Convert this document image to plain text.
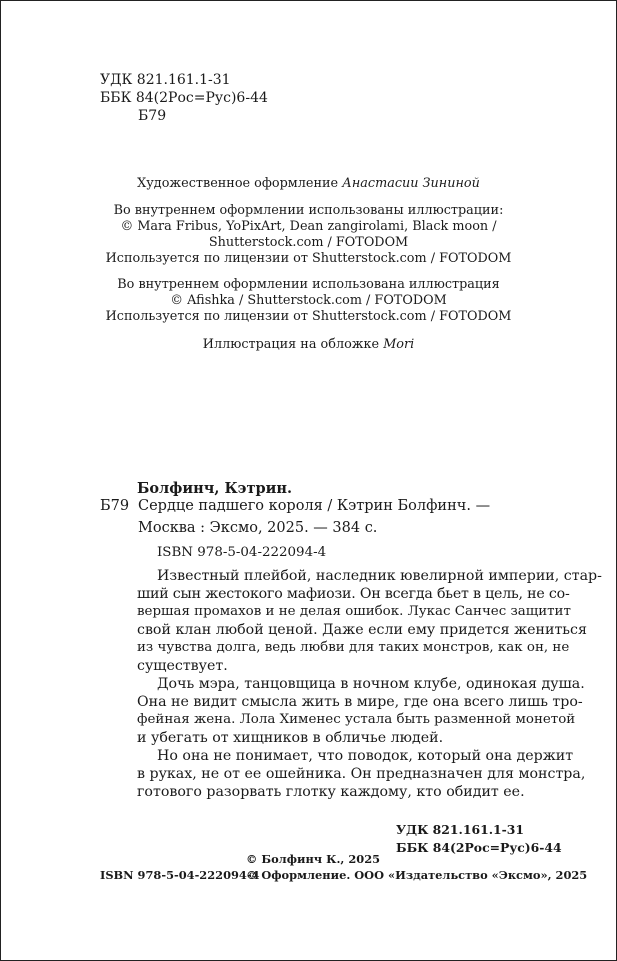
УДК 821.161.1-31
ББК 84(2Рос=Рус)6-44
Б79
Художественное оформление Анастасии Зининой
Во внутреннем оформлении использованы иллюстрации:
© Mara Fribus, YoPixArt, Dean zangirolami, Black moon /
Shutterstock.com / FOTODOM
Используется по лицензии от Shutterstock.com / FOTODOM
Во внутреннем оформлении использована иллюстрация
© Afishka / Shutterstock.com / FOTODOM
Используется по лицензии от Shutterstock.com / FOTODOM
Иллюстрация на обложке Mori
Болфинч, Кэтрин.
Б79 Сердце падшего короля / Кэтрин Болфинч. —
Москва : Эксмо, 2025. — 384 с.
ISBN 978-5-04-222094-4
Известный плейбой, наследник ювелирной империи, стар-
ший сын жестокого мафиози. Он всегда бьет в цель, не со-
вершая промахов и не делая ошибок. Лукас Санчес защитит
свой клан любой ценой. Даже если ему придется жениться
из чувства долга, ведь любви для таких монстров, как он, не
существует.
Дочь мэра, танцовщица в ночном клубе, одинокая душа.
Она не видит смысла жить в мире, где она всего лишь тро-
фейная жена. Лола Хименес устала быть разменной монетой
и убегать от хищников в обличье людей.
Но она не понимает, что поводок, который она держит
в руках, не от ее ошейника. Он предназначен для монстра,
готового разорвать глотку каждому, кто обидит ее.
УДК 821.161.1-31
ББК 84(2Рос=Рус)6-44
© Болфинч К., 2025
ISBN 978-5-04-222094-4
© Оформление. ООО «Издательство «Эксмо», 2025
